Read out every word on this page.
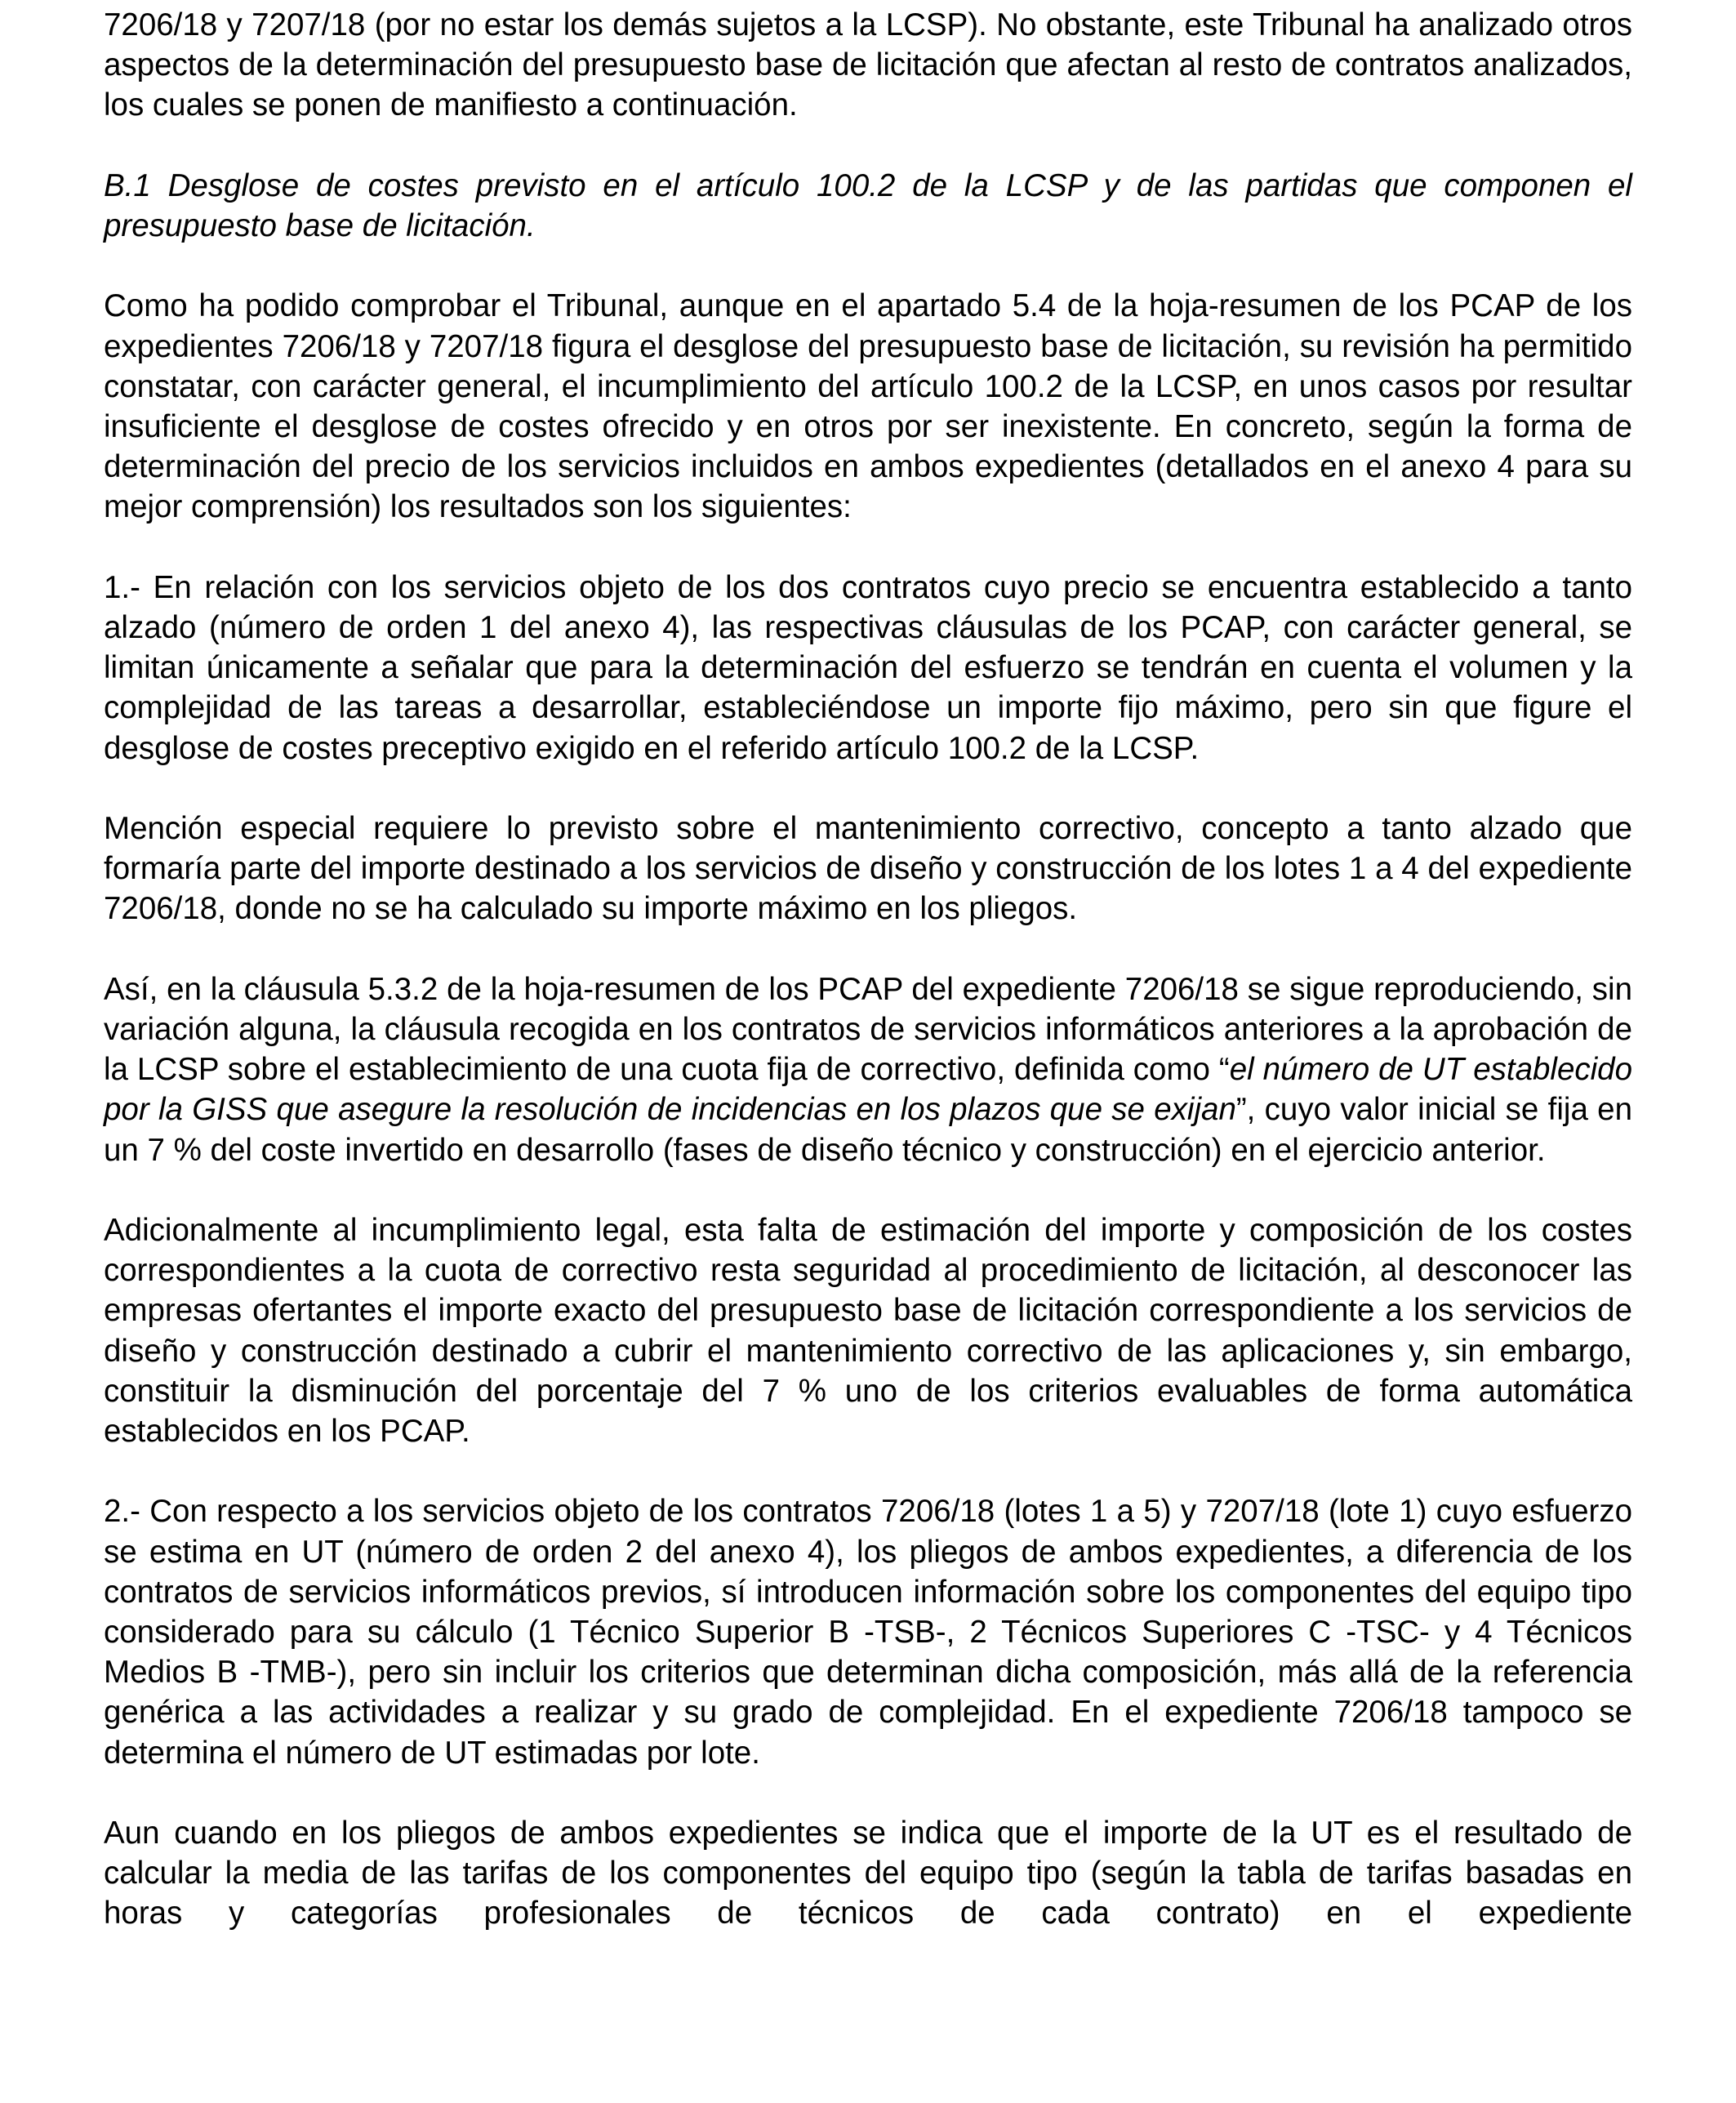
7206/18 y 7207/18 (por no estar los demás sujetos a la LCSP). No obstante, este Tribunal ha analizado otros aspectos de la determinación del presupuesto base de licitación que afectan al resto de contratos analizados, los cuales se ponen de manifiesto a continuación.

B.1 Desglose de costes previsto en el artículo 100.2 de la LCSP y de las partidas que componen el presupuesto base de licitación.

Como ha podido comprobar el Tribunal, aunque en el apartado 5.4 de la hoja-resumen de los PCAP de los expedientes 7206/18 y 7207/18 figura el desglose del presupuesto base de licitación, su revisión ha permitido constatar, con carácter general, el incumplimiento del artículo 100.2 de la LCSP, en unos casos por resultar insuficiente el desglose de costes ofrecido y en otros por ser inexistente. En concreto, según la forma de determinación del precio de los servicios incluidos en ambos expedientes (detallados en el anexo 4 para su mejor comprensión) los resultados son los siguientes:

1.- En relación con los servicios objeto de los dos contratos cuyo precio se encuentra establecido a tanto alzado (número de orden 1 del anexo 4), las respectivas cláusulas de los PCAP, con carácter general, se limitan únicamente a señalar que para la determinación del esfuerzo se tendrán en cuenta el volumen y la complejidad de las tareas a desarrollar, estableciéndose un importe fijo máximo, pero sin que figure el desglose de costes preceptivo exigido en el referido artículo 100.2 de la LCSP.

Mención especial requiere lo previsto sobre el mantenimiento correctivo, concepto a tanto alzado que formaría parte del importe destinado a los servicios de diseño y construcción de los lotes 1 a 4 del expediente 7206/18, donde no se ha calculado su importe máximo en los pliegos.

Así, en la cláusula 5.3.2 de la hoja-resumen de los PCAP del expediente 7206/18 se sigue reproduciendo, sin variación alguna, la cláusula recogida en los contratos de servicios informáticos anteriores a la aprobación de la LCSP sobre el establecimiento de una cuota fija de correctivo, definida como “el número de UT establecido por la GISS que asegure la resolución de incidencias en los plazos que se exijan”, cuyo valor inicial se fija en un 7 % del coste invertido en desarrollo (fases de diseño técnico y construcción) en el ejercicio anterior.

Adicionalmente al incumplimiento legal, esta falta de estimación del importe y composición de los costes correspondientes a la cuota de correctivo resta seguridad al procedimiento de licitación, al desconocer las empresas ofertantes el importe exacto del presupuesto base de licitación correspondiente a los servicios de diseño y construcción destinado a cubrir el mantenimiento correctivo de las aplicaciones y, sin embargo, constituir la disminución del porcentaje del 7 % uno de los criterios evaluables de forma automática establecidos en los PCAP.

2.- Con respecto a los servicios objeto de los contratos 7206/18 (lotes 1 a 5) y 7207/18 (lote 1) cuyo esfuerzo se estima en UT (número de orden 2 del anexo 4), los pliegos de ambos expedientes, a diferencia de los contratos de servicios informáticos previos, sí introducen información sobre los componentes del equipo tipo considerado para su cálculo (1 Técnico Superior B -TSB-, 2 Técnicos Superiores C -TSC- y 4 Técnicos Medios B -TMB-), pero sin incluir los criterios que determinan dicha composición, más allá de la referencia genérica a las actividades a realizar y su grado de complejidad. En el expediente 7206/18 tampoco se determina el número de UT estimadas por lote.

Aun cuando en los pliegos de ambos expedientes se indica que el importe de la UT es el resultado de calcular la media de las tarifas de los componentes del equipo tipo (según la tabla de tarifas basadas en horas y categorías profesionales de técnicos de cada contrato) en el expediente
